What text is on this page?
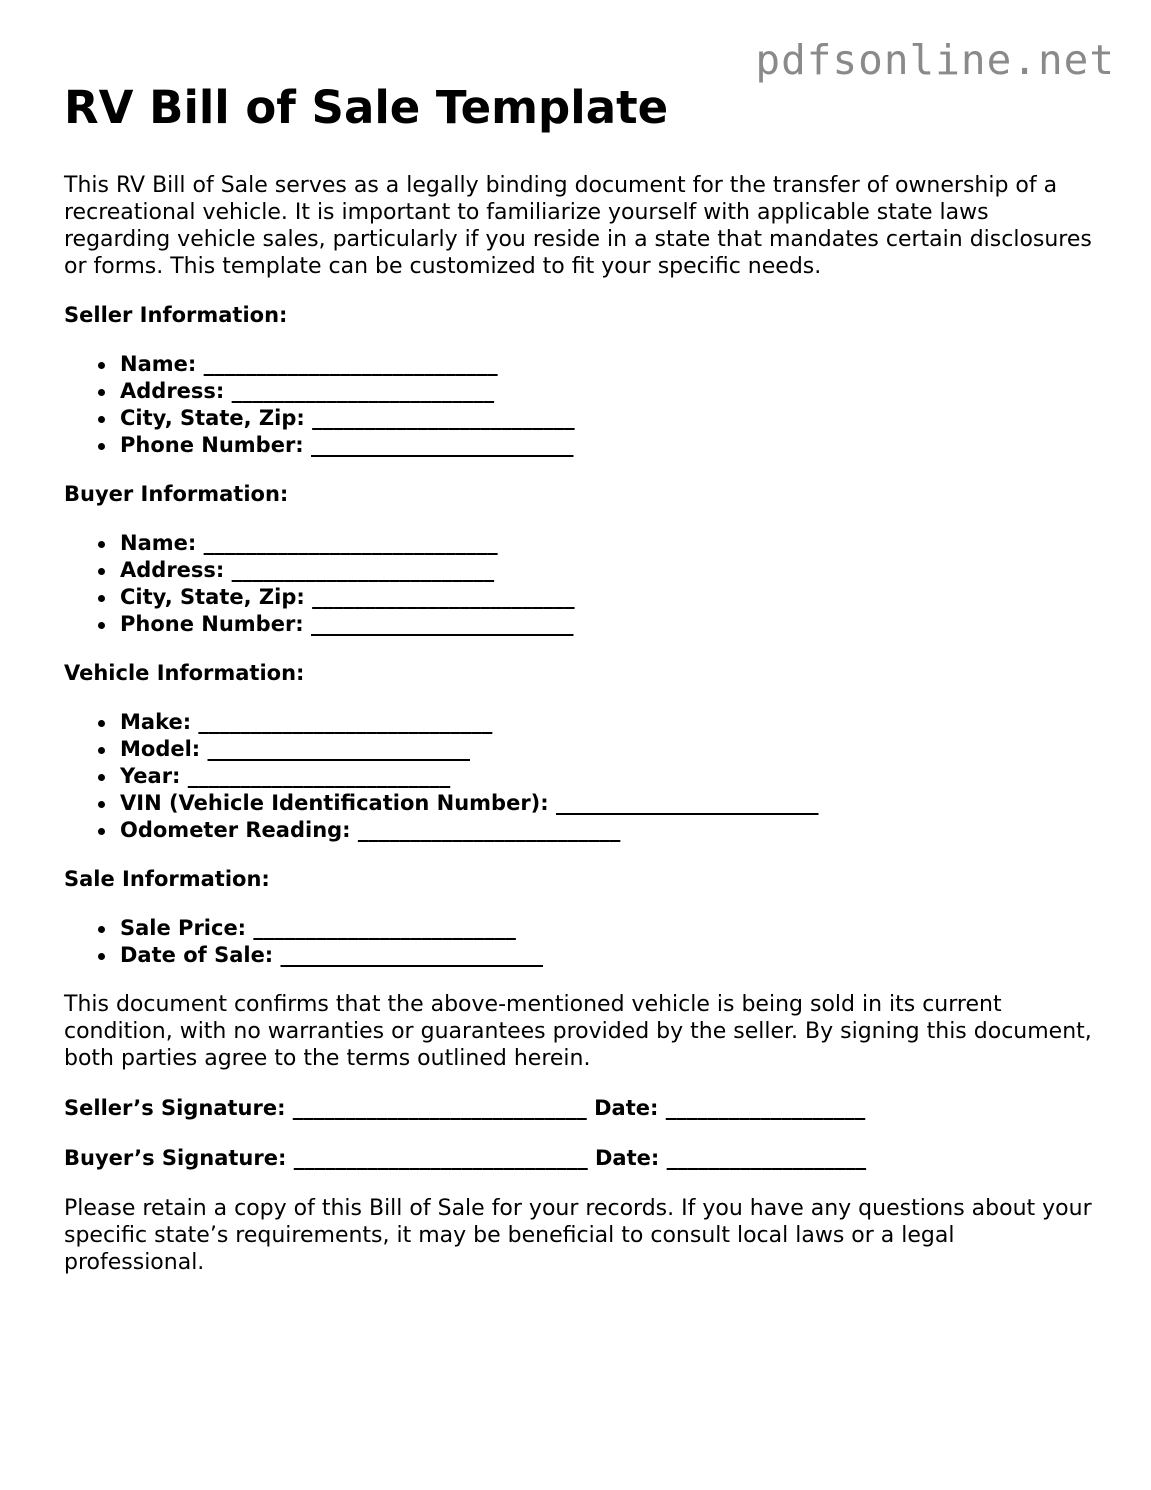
pdfsonline.net
RV Bill of Sale Template

This RV Bill of Sale serves as a legally binding document for the transfer of ownership of a recreational vehicle. It is important to familiarize yourself with applicable state laws regarding vehicle sales, particularly if you reside in a state that mandates certain disclosures or forms. This template can be customized to fit your specific needs.

Seller Information:
Name: ____________________________
Address: _________________________
City, State, Zip: _________________________
Phone Number: _________________________
Buyer Information:
Name: ____________________________
Address: _________________________
City, State, Zip: _________________________
Phone Number: _________________________
Vehicle Information:
Make: ____________________________
Model: _________________________
Year: _________________________
VIN (Vehicle Identification Number): _________________________
Odometer Reading: _________________________
Sale Information:
Sale Price: _________________________
Date of Sale: _________________________

This document confirms that the above-mentioned vehicle is being sold in its current condition, with no warranties or guarantees provided by the seller. By signing this document, both parties agree to the terms outlined herein.

Seller’s Signature: ____________________________ Date: ___________________
Buyer’s Signature: ____________________________ Date: ___________________

Please retain a copy of this Bill of Sale for your records. If you have any questions about your specific state’s requirements, it may be beneficial to consult local laws or a legal professional.
